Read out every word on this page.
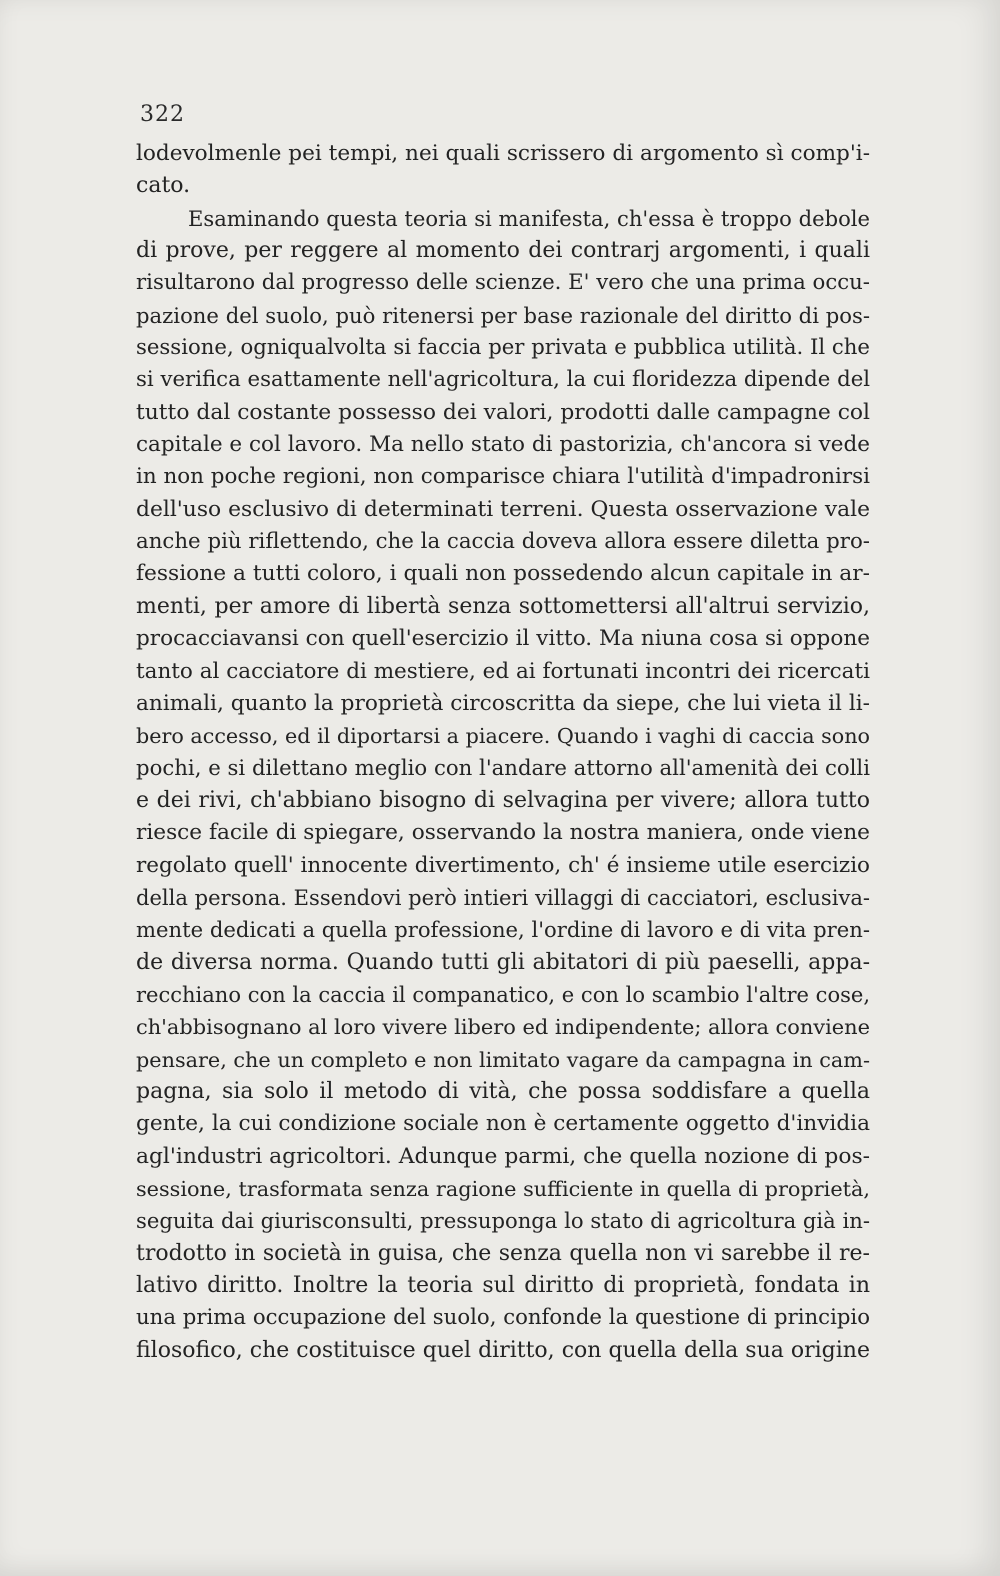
322
lodevolmenle pei tempi, nei quali scrissero di argomento sì comp'i-
cato.
Esaminando questa teoria si manifesta, ch'essa è troppo debole
di prove, per reggere al momento dei contrarj argomenti, i quali
risultarono dal progresso delle scienze. E' vero che una prima occu-
pazione del suolo, può ritenersi per base razionale del diritto di pos-
sessione, ogniqualvolta si faccia per privata e pubblica utilità. Il che
si verifica esattamente nell'agricoltura, la cui floridezza dipende del
tutto dal costante possesso dei valori, prodotti dalle campagne col
capitale e col lavoro. Ma nello stato di pastorizia, ch'ancora si vede
in non poche regioni, non comparisce chiara l'utilità d'impadronirsi
dell'uso esclusivo di determinati terreni. Questa osservazione vale
anche più riflettendo, che la caccia doveva allora essere diletta pro-
fessione a tutti coloro, i quali non possedendo alcun capitale in ar-
menti, per amore di libertà senza sottomettersi all'altrui servizio,
procacciavansi con quell'esercizio il vitto. Ma niuna cosa si oppone
tanto al cacciatore di mestiere, ed ai fortunati incontri dei ricercati
animali, quanto la proprietà circoscritta da siepe, che lui vieta il li-
bero accesso, ed il diportarsi a piacere. Quando i vaghi di caccia sono
pochi, e si dilettano meglio con l'andare attorno all'amenità dei colli
e dei rivi, ch'abbiano bisogno di selvagina per vivere; allora tutto
riesce facile di spiegare, osservando la nostra maniera, onde viene
regolato quell' innocente divertimento, ch' é insieme utile esercizio
della persona. Essendovi però intieri villaggi di cacciatori, esclusiva-
mente dedicati a quella professione, l'ordine di lavoro e di vita pren-
de diversa norma. Quando tutti gli abitatori di più paeselli, appa-
recchiano con la caccia il companatico, e con lo scambio l'altre cose,
ch'abbisognano al loro vivere libero ed indipendente; allora conviene
pensare, che un completo e non limitato vagare da campagna in cam-
pagna, sia solo il metodo di vità, che possa soddisfare a quella
gente, la cui condizione sociale non è certamente oggetto d'invidia
agl'industri agricoltori. Adunque parmi, che quella nozione di pos-
sessione, trasformata senza ragione sufficiente in quella di proprietà,
seguita dai giurisconsulti, pressuponga lo stato di agricoltura già in-
trodotto in società in guisa, che senza quella non vi sarebbe il re-
lativo diritto. Inoltre la teoria sul diritto di proprietà, fondata in
una prima occupazione del suolo, confonde la questione di principio
filosofico, che costituisce quel diritto, con quella della sua origine
